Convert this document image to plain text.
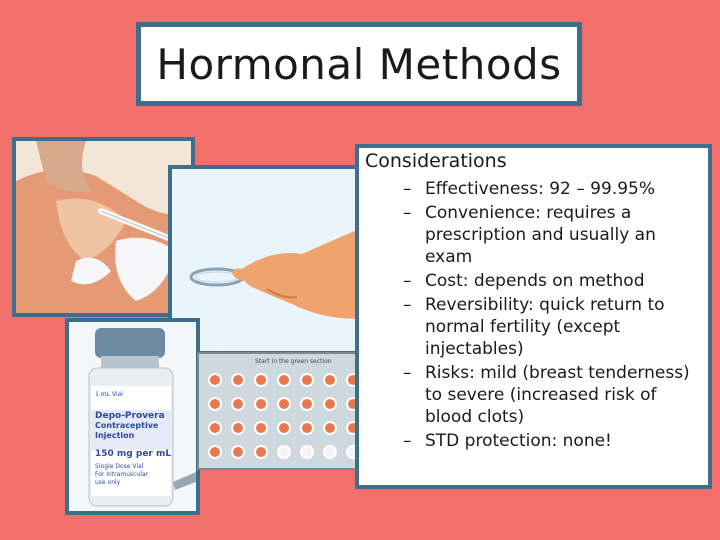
Hormonal Methods
1 mL Vial
Depo-Provera
Contraceptive
Injection
150 mg per mL
Single Dose Vial
For Intramuscular
use only
Start in the green section
Considerations
– Effectiveness: 92 – 99.95%
– Convenience: requires a prescription and usually an exam
– Cost: depends on method
– Reversibility: quick return to normal fertility (except injectables)
– Risks: mild (breast tenderness) to severe (increased risk of blood clots)
– STD protection: none!
